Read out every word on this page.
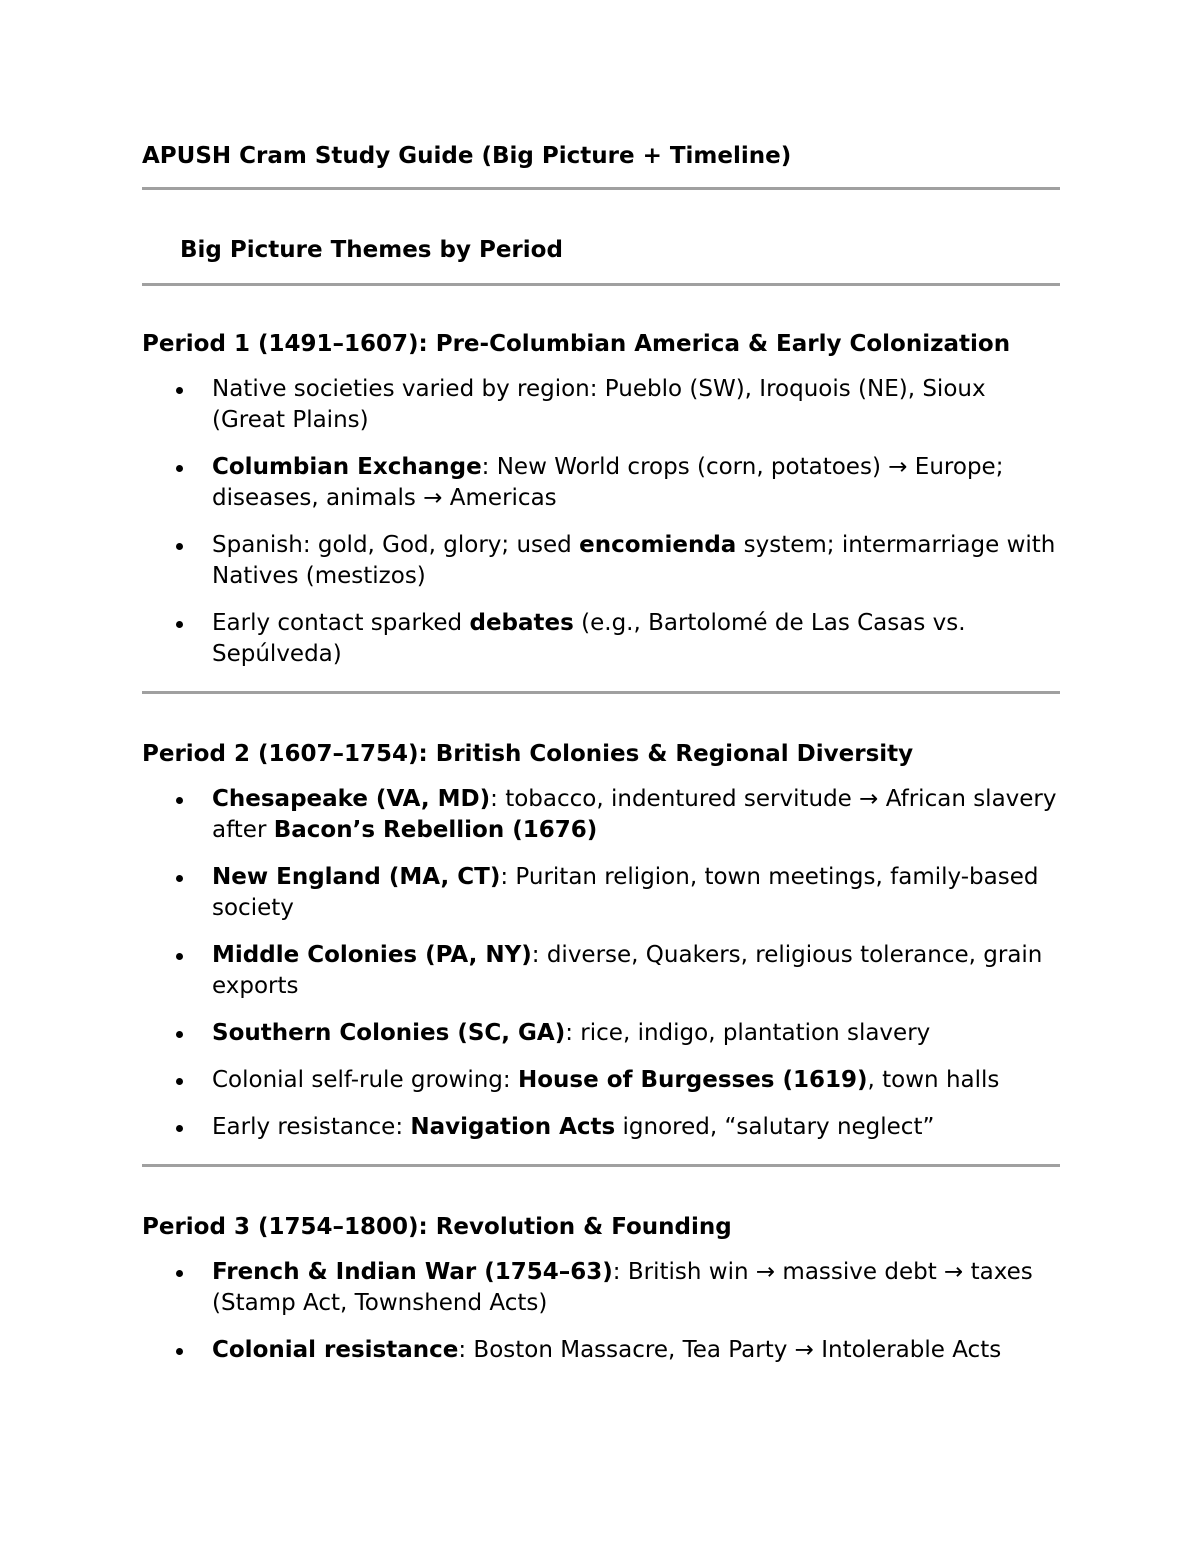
APUSH Cram Study Guide (Big Picture + Timeline)
Big Picture Themes by Period
Period 1 (1491–1607): Pre-Columbian America & Early Colonization
Native societies varied by region: Pueblo (SW), Iroquois (NE), Sioux (Great Plains)
Columbian Exchange: New World crops (corn, potatoes) → Europe; diseases, animals → Americas
Spanish: gold, God, glory; used encomienda system; intermarriage with Natives (mestizos)
Early contact sparked debates (e.g., Bartolomé de Las Casas vs. Sepúlveda)
Period 2 (1607–1754): British Colonies & Regional Diversity
Chesapeake (VA, MD): tobacco, indentured servitude → African slavery after Bacon’s Rebellion (1676)
New England (MA, CT): Puritan religion, town meetings, family-based society
Middle Colonies (PA, NY): diverse, Quakers, religious tolerance, grain exports
Southern Colonies (SC, GA): rice, indigo, plantation slavery
Colonial self-rule growing: House of Burgesses (1619), town halls
Early resistance: Navigation Acts ignored, “salutary neglect”
Period 3 (1754–1800): Revolution & Founding
French & Indian War (1754–63): British win → massive debt → taxes (Stamp Act, Townshend Acts)
Colonial resistance: Boston Massacre, Tea Party → Intolerable Acts
